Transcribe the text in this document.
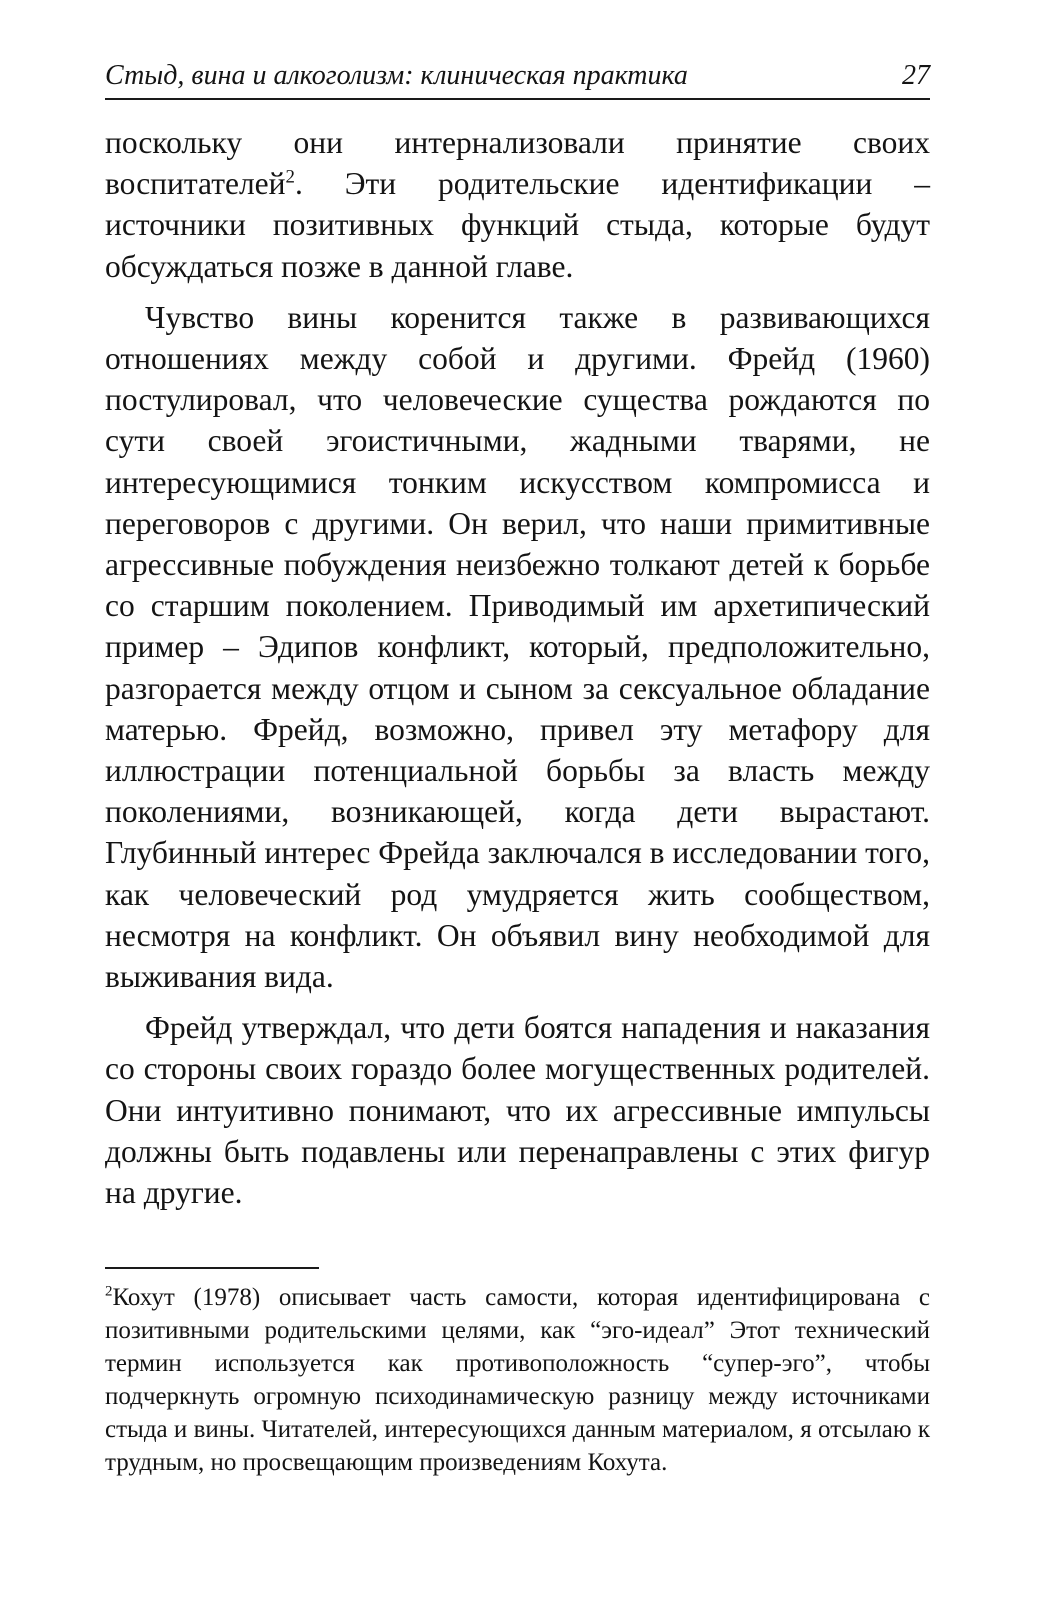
Стыд, вина и алкоголизм: клиническая практика	27

поскольку они интернализовали принятие своих воспитателей$^2$. Эти родительские идентификации – источники позитивных функций стыда, которые будут обсуждаться позже в данной главе.

Чувство вины коренится также в развивающихся отношениях между собой и другими. Фрейд (1960) постулировал, что человеческие существа рождаются по сути своей эгоистичными, жадными тварями, не интересующимися тонким искусством компромисса и переговоров с другими. Он верил, что наши примитивные агрессивные побуждения неизбежно толкают детей к борьбе со старшим поколением. Приводимый им архетипический пример – Эдипов конфликт, который, предположительно, разгорается между отцом и сыном за сексуальное обладание матерью. Фрейд, возможно, привел эту метафору для иллюстрации потенциальной борьбы за власть между поколениями, возникающей, когда дети вырастают. Глубинный интерес Фрейда заключался в исследовании того, как человеческий род умудряется жить сообществом, несмотря на конфликт. Он объявил вину необходимой для выживания вида.

Фрейд утверждал, что дети боятся нападения и наказания со стороны своих гораздо более могущественных родителей. Они интуитивно понимают, что их агрессивные импульсы должны быть подавлены или перенаправлены с этих фигур на другие.

$^2$Кохут (1978) описывает часть самости, которая идентифицирована с позитивными родительскими целями, как “эго-идеал” Этот технический термин используется как противоположность “супер-эго”, чтобы подчеркнуть огромную психодинамическую разницу между источниками стыда и вины. Читателей, интересующихся данным материалом, я отсылаю к трудным, но просвещающим произведениям Кохута.
